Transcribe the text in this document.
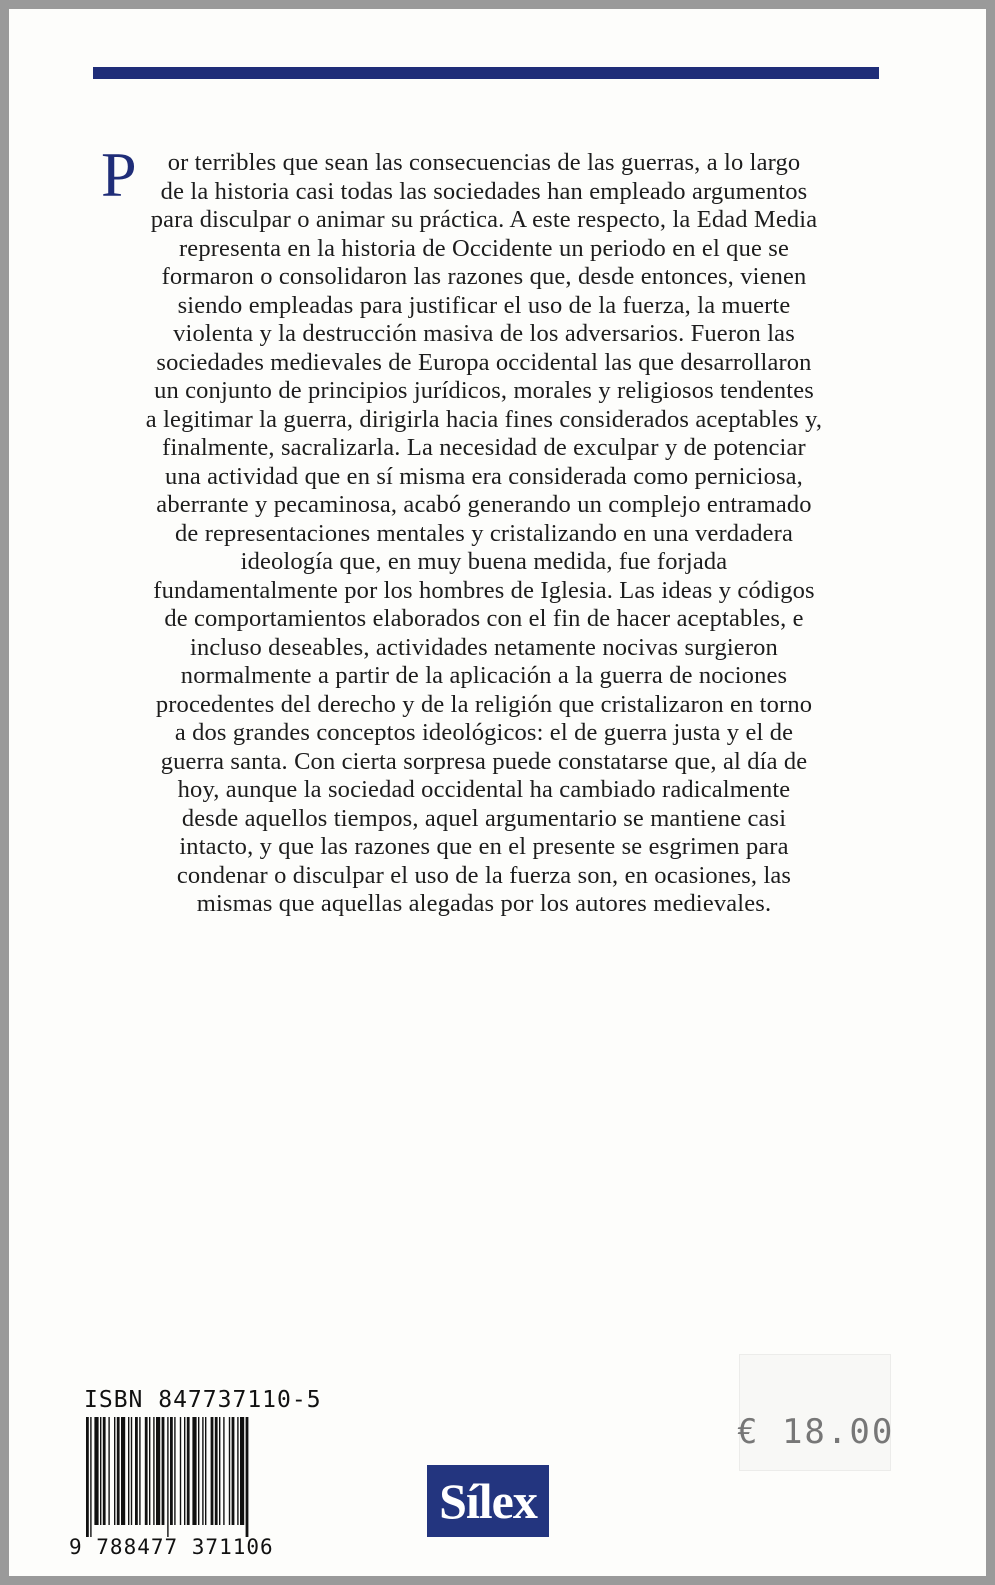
P	or terribles que sean las consecuencias de las guerras, a lo largo
de la historia casi todas las sociedades han empleado argumentos
para disculpar o animar su práctica. A este respecto, la Edad Media
representa en la historia de Occidente un periodo en el que se
formaron o consolidaron las razones que, desde entonces, vienen
siendo empleadas para justificar el uso de la fuerza, la muerte
violenta y la destrucción masiva de los adversarios. Fueron las
sociedades medievales de Europa occidental las que desarrollaron
un conjunto de principios jurídicos, morales y religiosos tendentes
a legitimar la guerra, dirigirla hacia fines considerados aceptables y,
finalmente, sacralizarla. La necesidad de exculpar y de potenciar
una actividad que en sí misma era considerada como perniciosa,
aberrante y pecaminosa, acabó generando un complejo entramado
de representaciones mentales y cristalizando en una verdadera
ideología que, en muy buena medida, fue forjada
fundamentalmente por los hombres de Iglesia. Las ideas y códigos
de comportamientos elaborados con el fin de hacer aceptables, e
incluso deseables, actividades netamente nocivas surgieron
normalmente a partir de la aplicación a la guerra de nociones
procedentes del derecho y de la religión que cristalizaron en torno
a dos grandes conceptos ideológicos: el de guerra justa y el de
guerra santa. Con cierta sorpresa puede constatarse que, al día de
hoy, aunque la sociedad occidental ha cambiado radicalmente
desde aquellos tiempos, aquel argumentario se mantiene casi
intacto, y que las razones que en el presente se esgrimen para
condenar o disculpar el uso de la fuerza son, en ocasiones, las
mismas que aquellas alegadas por los autores medievales.
€ 18.00
ISBN 847737110-5
9 788477 371106
Sílex
